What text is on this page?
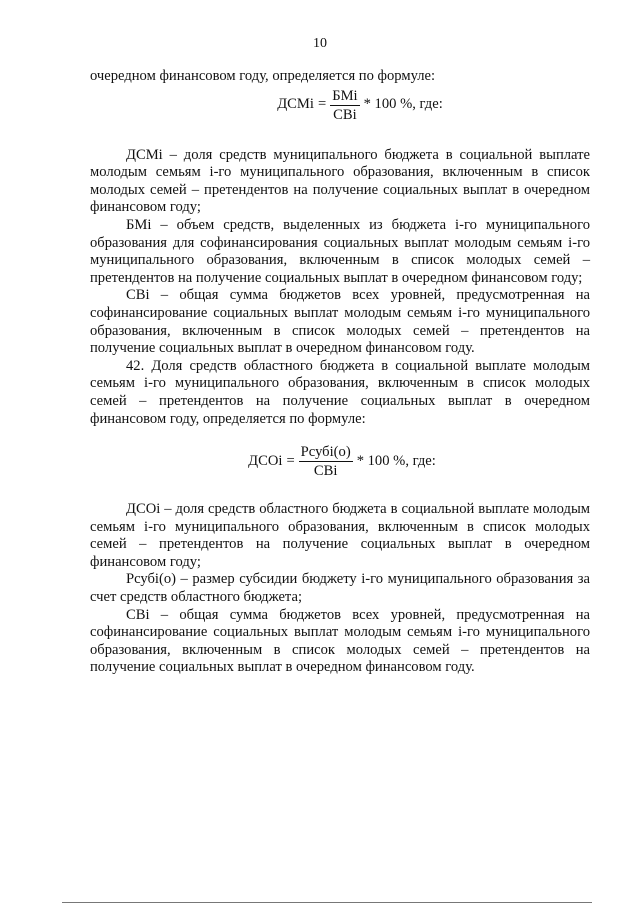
10

очередном финансовом году, определяется по формуле:

ДСМi = $\frac{\text{БМi}}{\text{СВi}} * 100$ %, где:

ДСМi – доля средств муниципального бюджета в социальной выплате молодым семьям i-го муниципального образования, включенным в список молодых семей – претендентов на получение социальных выплат в очередном финансовом году;

БМi – объем средств, выделенных из бюджета i-го муниципального образования для софинансирования социальных выплат молодым семьям i-го муниципального образования, включенным в список молодых семей – претендентов на получение социальных выплат в очередном финансовом году;

СВi – общая сумма бюджетов всех уровней, предусмотренная на софинансирование социальных выплат молодым семьям i-го муниципального образования, включенным в список молодых семей – претендентов на получение социальных выплат в очередном финансовом году.

42. Доля средств областного бюджета в социальной выплате молодым семьям i-го муниципального образования, включенным в список молодых семей – претендентов на получение социальных выплат в очередном финансовом году, определяется по формуле:

ДСОi = $\frac{\text{Рсубi(о)}}{\text{СВi}} * 100$ %, где:

ДСОi – доля средств областного бюджета в социальной выплате молодым семьям i-го муниципального образования, включенным в список молодых семей – претендентов на получение социальных выплат в очередном финансовом году;

Рсубi(о) – размер субсидии бюджету i-го муниципального образования за счет средств областного бюджета;

СВi – общая сумма бюджетов всех уровней, предусмотренная на софинансирование социальных выплат молодым семьям i-го муниципального образования, включенным в список молодых семей – претендентов на получение социальных выплат в очередном финансовом году.
